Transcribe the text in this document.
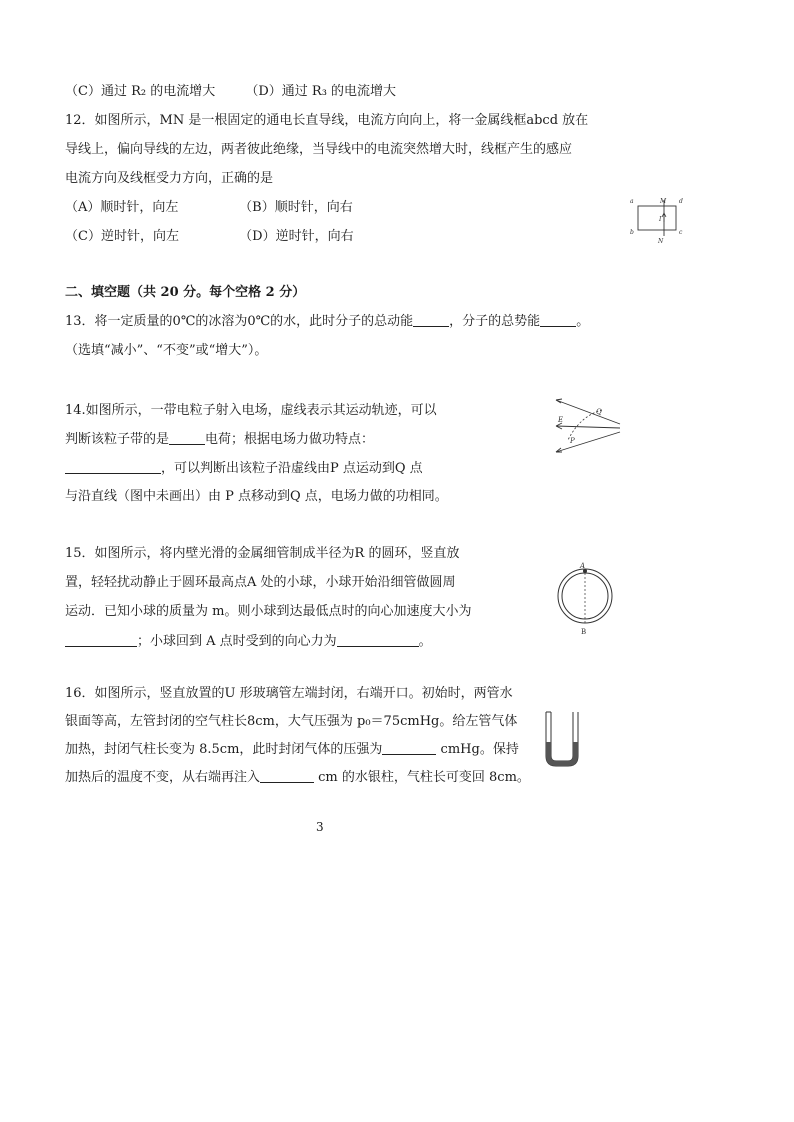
（C）通过 R₂ 的电流增大 （D）通过 R₃ 的电流增大
12．如图所示，MN 是一根固定的通电长直导线，电流方向向上，将一金属线框abcd 放在
导线上，偏向导线的左边，两者彼此绝缘，当导线中的电流突然增大时，线框产生的感应
电流方向及线框受力方向，正确的是
（A）顺时针，向左	（B）顺时针，向右
（C）逆时针，向左	（D）逆时针，向右
a
b	c
d
M
N
I
二、填空题（共 20 分。每个空格 2 分）
13．将一定质量的0℃的冰溶为0℃的水，此时分子的总动能	，分子的总势能	。
（选填“减小”、“不变”或“增大”）。
14.如图所示，一带电粒子射入电场，虚线表示其运动轨迹，可以
判断该粒子带的是	电荷；根据电场力做功特点：
，可以判断出该粒子沿虚线由P 点运动到Q 点
与沿直线（图中未画出）由 P 点移动到Q 点，电场力做的功相同。
E
P
Q
15．如图所示，将内壁光滑的金属细管制成半径为R 的圆环，竖直放
置，轻轻扰动静止于圆环最高点A 处的小球，小球开始沿细管做圆周
运动．已知小球的质量为 m。则小球到达最低点时的向心加速度大小为
；小球回到 A 点时受到的向心力为	。
A
B
16．如图所示，竖直放置的U 形玻璃管左端封闭，右端开口。初始时，两管水
银面等高，左管封闭的空气柱长8cm，大气压强为 p₀＝75cmHg。给左管气体
加热，封闭气柱长变为 8.5cm，此时封闭气体的压强为	cmHg。保持
加热后的温度不变，从右端再注入	cm 的水银柱，气柱长可变回 8cm。
3
